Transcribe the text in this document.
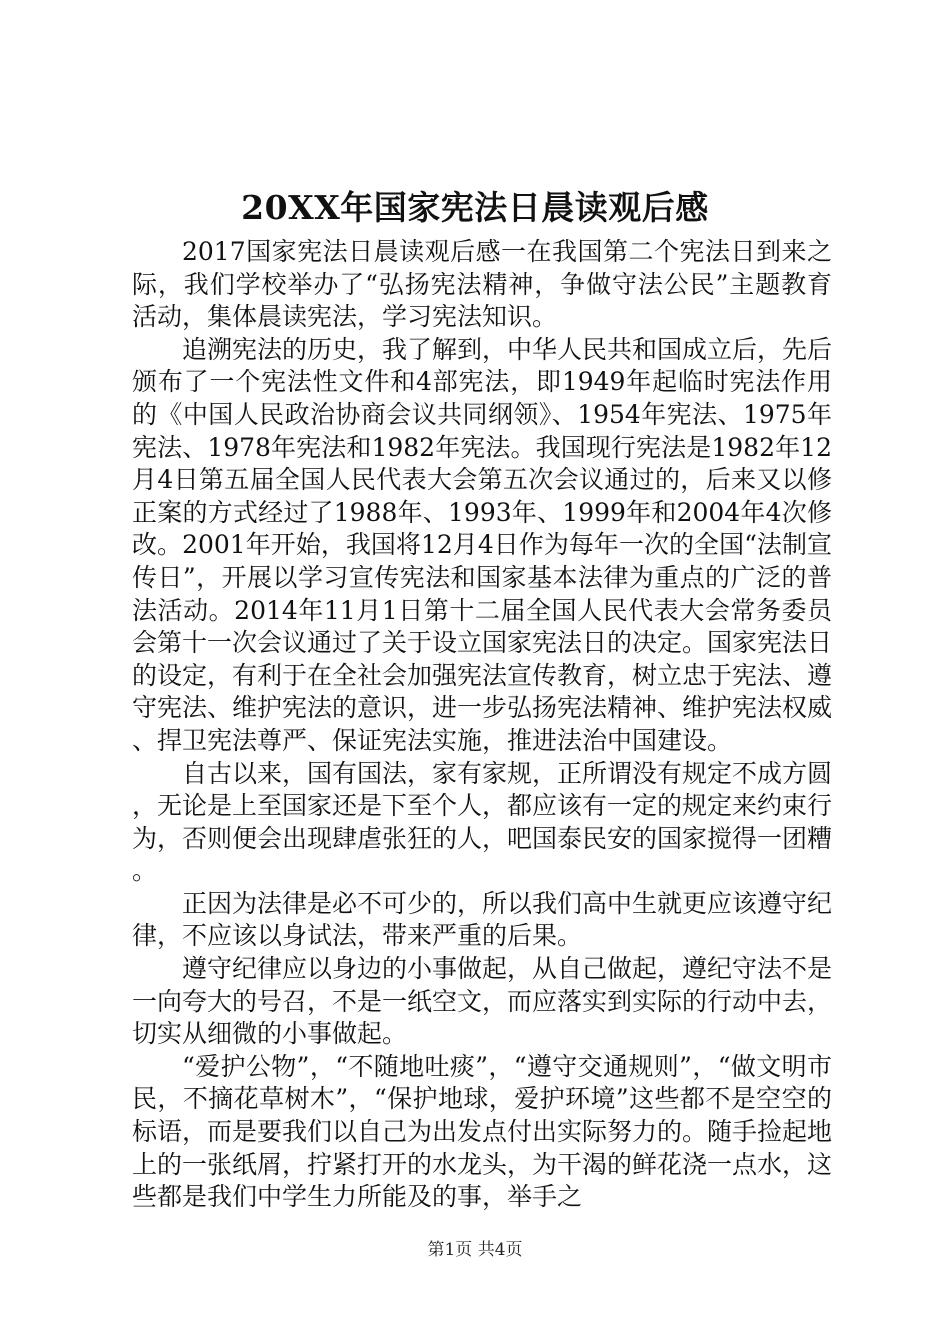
20XX年国家宪法日晨读观后感

2017国家宪法日晨读观后感一在我国第二个宪法日到来之际，我们学校举办了“弘扬宪法精神，争做守法公民”主题教育活动，集体晨读宪法，学习宪法知识。

追溯宪法的历史，我了解到，中华人民共和国成立后，先后颁布了一个宪法性文件和4部宪法，即1949年起临时宪法作用的《中国人民政治协商会议共同纲领》、1954年宪法、1975年宪法、1978年宪法和1982年宪法。我国现行宪法是1982年12月4日第五届全国人民代表大会第五次会议通过的，后来又以修正案的方式经过了1988年、1993年、1999年和2004年4次修改。2001年开始，我国将12月4日作为每年一次的全国“法制宣传日”，开展以学习宣传宪法和国家基本法律为重点的广泛的普法活动。2014年11月1日第十二届全国人民代表大会常务委员会第十一次会议通过了关于设立国家宪法日的决定。国家宪法日的设定，有利于在全社会加强宪法宣传教育，树立忠于宪法、遵守宪法、维护宪法的意识，进一步弘扬宪法精神、维护宪法权威、捍卫宪法尊严、保证宪法实施，推进法治中国建设。

自古以来，国有国法，家有家规，正所谓没有规定不成方圆，无论是上至国家还是下至个人，都应该有一定的规定来约束行为，否则便会出现肆虐张狂的人，吧国泰民安的国家搅得一团糟。

正因为法律是必不可少的，所以我们高中生就更应该遵守纪律，不应该以身试法，带来严重的后果。

遵守纪律应以身边的小事做起，从自己做起，遵纪守法不是一向夸大的号召，不是一纸空文，而应落实到实际的行动中去，切实从细微的小事做起。

“爱护公物”，“不随地吐痰”，“遵守交通规则”，“做文明市民，不摘花草树木”，“保护地球，爱护环境”这些都不是空空的标语，而是要我们以自己为出发点付出实际努力的。随手捡起地上的一张纸屑，拧紧打开的水龙头，为干渴的鲜花浇一点水，这些都是我们中学生力所能及的事，举手之

第1页 共4页
